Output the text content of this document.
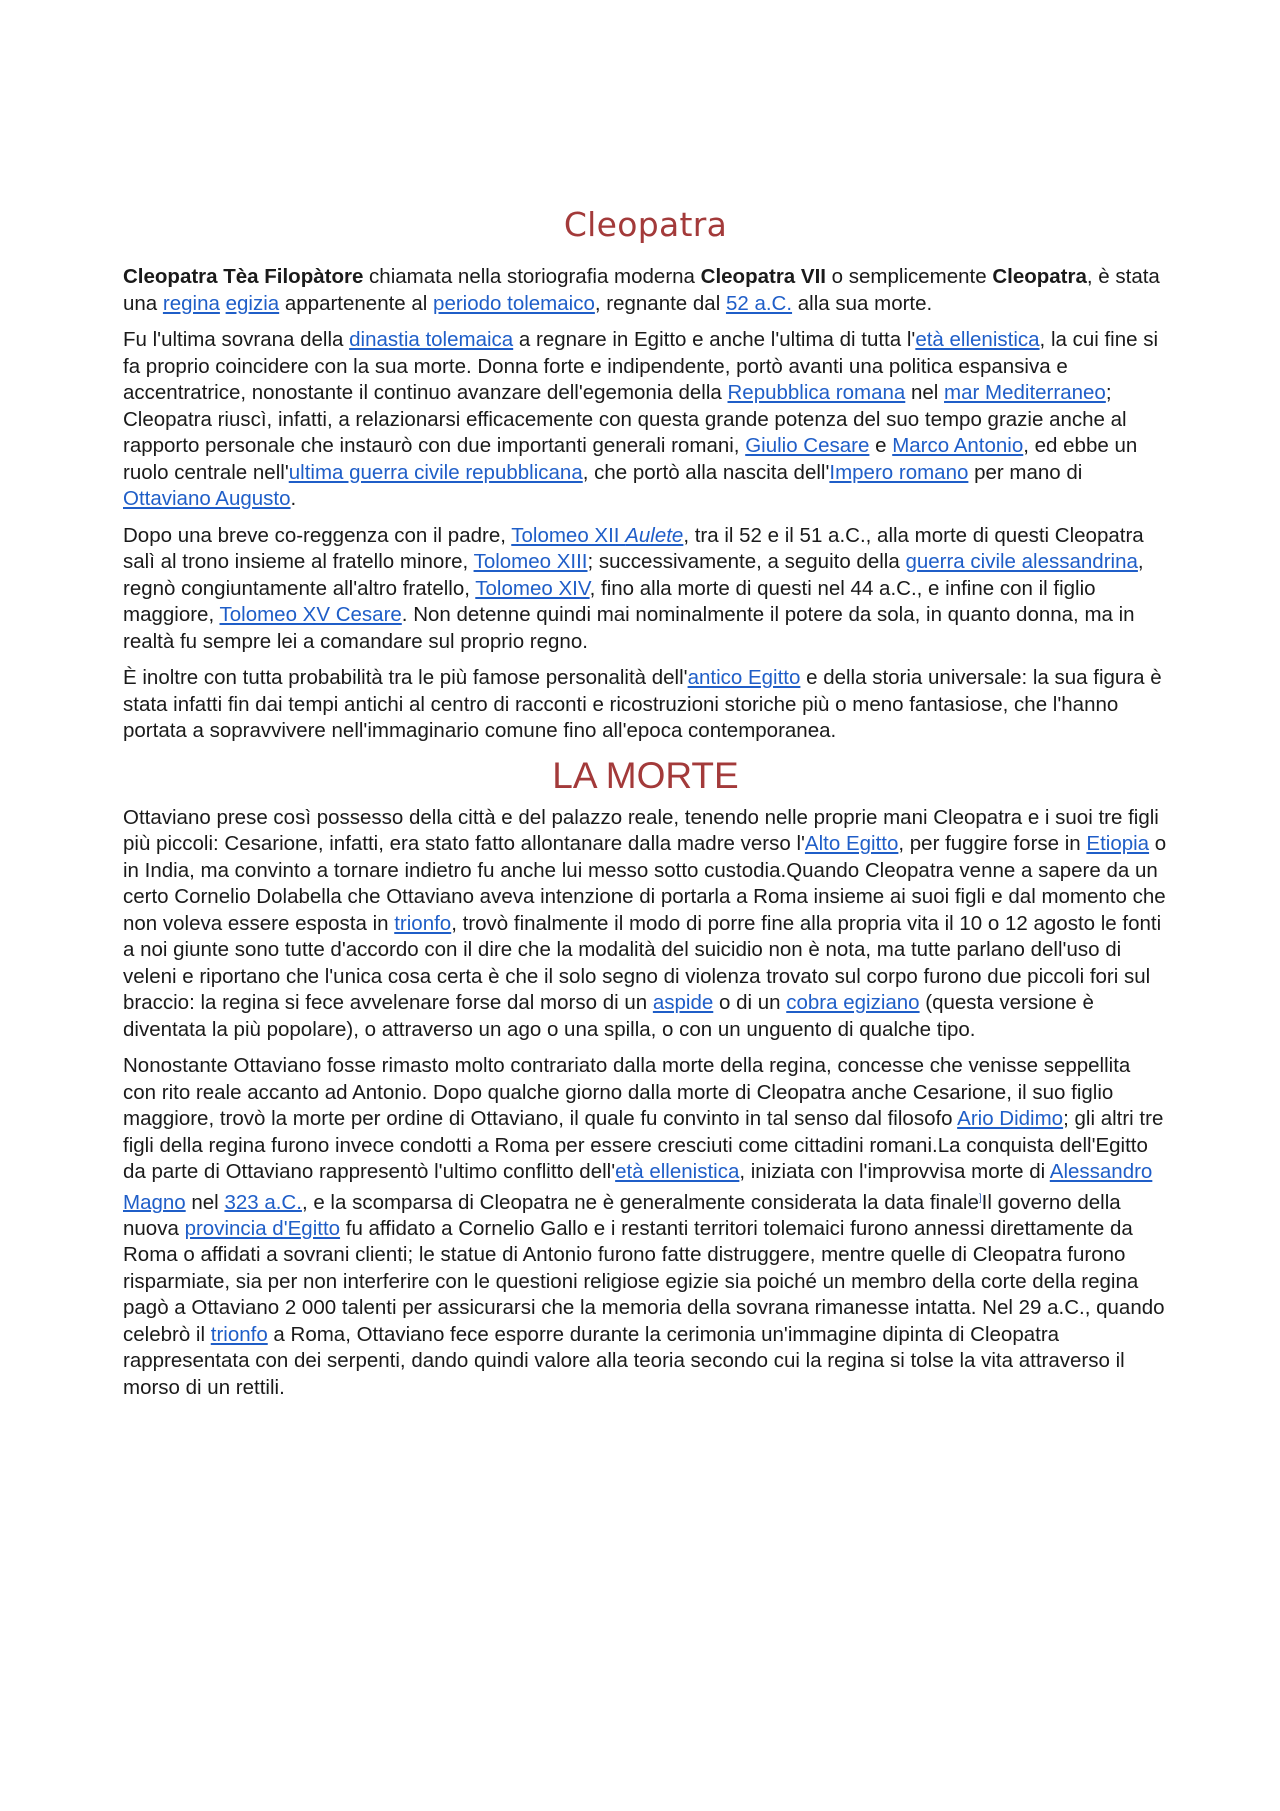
Cleopatra

Cleopatra Tèa Filopàtore chiamata nella storiografia moderna Cleopatra VII o semplicemente Cleopatra, è stata una regina egizia appartenente al periodo tolemaico, regnante dal 52 a.C. alla sua morte.

Fu l'ultima sovrana della dinastia tolemaica a regnare in Egitto e anche l'ultima di tutta l'età ellenistica, la cui fine si fa proprio coincidere con la sua morte. Donna forte e indipendente, portò avanti una politica espansiva e accentratrice, nonostante il continuo avanzare dell'egemonia della Repubblica romana nel mar Mediterraneo; Cleopatra riuscì, infatti, a relazionarsi efficacemente con questa grande potenza del suo tempo grazie anche al rapporto personale che instaurò con due importanti generali romani, Giulio Cesare e Marco Antonio, ed ebbe un ruolo centrale nell'ultima guerra civile repubblicana, che portò alla nascita dell'Impero romano per mano di Ottaviano Augusto.

Dopo una breve co-reggenza con il padre, Tolomeo XII Aulete, tra il 52 e il 51 a.C., alla morte di questi Cleopatra salì al trono insieme al fratello minore, Tolomeo XIII; successivamente, a seguito della guerra civile alessandrina, regnò congiuntamente all'altro fratello, Tolomeo XIV, fino alla morte di questi nel 44 a.C., e infine con il figlio maggiore, Tolomeo XV Cesare. Non detenne quindi mai nominalmente il potere da sola, in quanto donna, ma in realtà fu sempre lei a comandare sul proprio regno.

È inoltre con tutta probabilità tra le più famose personalità dell'antico Egitto e della storia universale: la sua figura è stata infatti fin dai tempi antichi al centro di racconti e ricostruzioni storiche più o meno fantasiose, che l'hanno portata a sopravvivere nell'immaginario comune fino all'epoca contemporanea.

LA MORTE

Ottaviano prese così possesso della città e del palazzo reale, tenendo nelle proprie mani Cleopatra e i suoi tre figli più piccoli: Cesarione, infatti, era stato fatto allontanare dalla madre verso l'Alto Egitto, per fuggire forse in Etiopia o in India, ma convinto a tornare indietro fu anche lui messo sotto custodia.Quando Cleopatra venne a sapere da un certo Cornelio Dolabella che Ottaviano aveva intenzione di portarla a Roma insieme ai suoi figli e dal momento che non voleva essere esposta in trionfo, trovò finalmente il modo di porre fine alla propria vita il 10 o 12 agosto le fonti a noi giunte sono tutte d'accordo con il dire che la modalità del suicidio non è nota, ma tutte parlano dell'uso di veleni e riportano che l'unica cosa certa è che il solo segno di violenza trovato sul corpo furono due piccoli fori sul braccio: la regina si fece avvelenare forse dal morso di un aspide o di un cobra egiziano (questa versione è diventata la più popolare), o attraverso un ago o una spilla, o con un unguento di qualche tipo.

Nonostante Ottaviano fosse rimasto molto contrariato dalla morte della regina, concesse che venisse seppellita con rito reale accanto ad Antonio. Dopo qualche giorno dalla morte di Cleopatra anche Cesarione, il suo figlio maggiore, trovò la morte per ordine di Ottaviano, il quale fu convinto in tal senso dal filosofo Ario Didimo; gli altri tre figli della regina furono invece condotti a Roma per essere cresciuti come cittadini romani.La conquista dell'Egitto da parte di Ottaviano rappresentò l'ultimo conflitto dell'età ellenistica, iniziata con l'improvvisa morte di Alessandro Magno nel 323 a.C., e la scomparsa di Cleopatra ne è generalmente considerata la data finale]Il governo della nuova provincia d'Egitto fu affidato a Cornelio Gallo e i restanti territori tolemaici furono annessi direttamente da Roma o affidati a sovrani clienti; le statue di Antonio furono fatte distruggere, mentre quelle di Cleopatra furono risparmiate, sia per non interferire con le questioni religiose egizie sia poiché un membro della corte della regina pagò a Ottaviano 2 000 talenti per assicurarsi che la memoria della sovrana rimanesse intatta. Nel 29 a.C., quando celebrò il trionfo a Roma, Ottaviano fece esporre durante la cerimonia un'immagine dipinta di Cleopatra rappresentata con dei serpenti, dando quindi valore alla teoria secondo cui la regina si tolse la vita attraverso il morso di un rettili.
